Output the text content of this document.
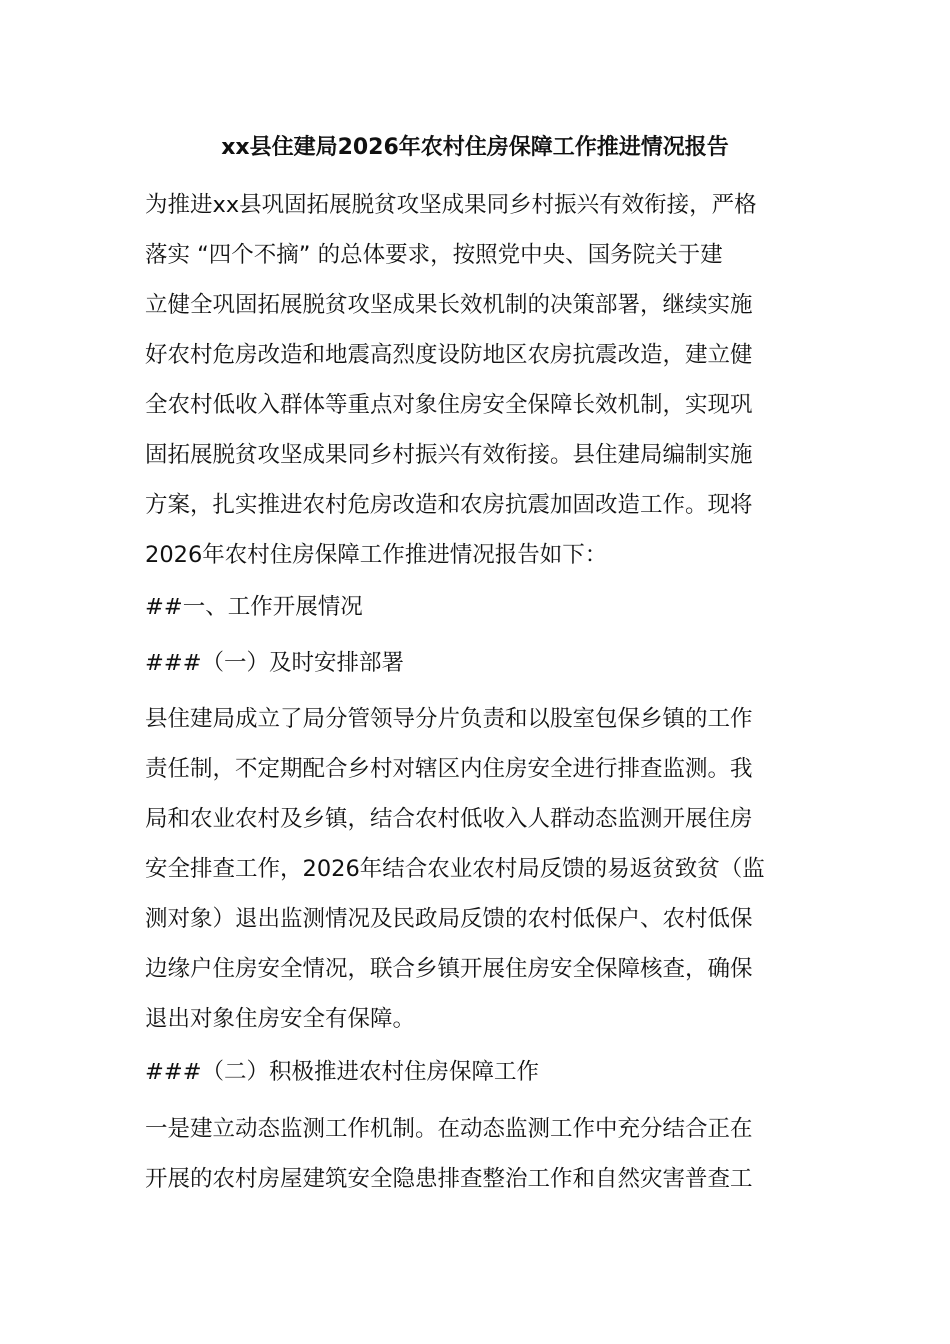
xx县住建局2026年农村住房保障工作推进情况报告
为推进xx县巩固拓展脱贫攻坚成果同乡村振兴有效衔接，严格
落实 “四个不摘” 的总体要求，按照党中央、国务院关于建
立健全巩固拓展脱贫攻坚成果长效机制的决策部署，继续实施
好农村危房改造和地震高烈度设防地区农房抗震改造，建立健
全农村低收入群体等重点对象住房安全保障长效机制，实现巩
固拓展脱贫攻坚成果同乡村振兴有效衔接。县住建局编制实施
方案，扎实推进农村危房改造和农房抗震加固改造工作。现将
2026年农村住房保障工作推进情况报告如下：
##一、工作开展情况
###（一）及时安排部署
县住建局成立了局分管领导分片负责和以股室包保乡镇的工作
责任制，不定期配合乡村对辖区内住房安全进行排查监测。我
局和农业农村及乡镇，结合农村低收入人群动态监测开展住房
安全排查工作，2026年结合农业农村局反馈的易返贫致贫（监
测对象）退出监测情况及民政局反馈的农村低保户、农村低保
边缘户住房安全情况，联合乡镇开展住房安全保障核查，确保
退出对象住房安全有保障。
###（二）积极推进农村住房保障工作
一是建立动态监测工作机制。在动态监测工作中充分结合正在
开展的农村房屋建筑安全隐患排查整治工作和自然灾害普查工
